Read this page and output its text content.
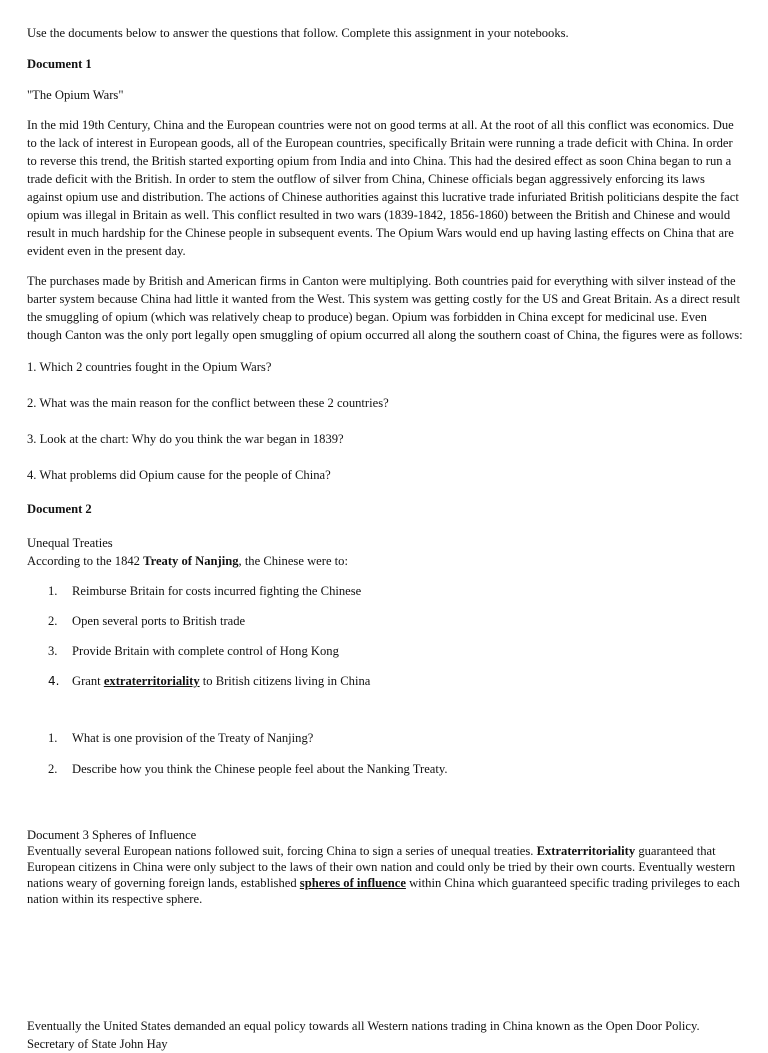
Use the documents below to answer the questions that follow. Complete this assignment in your notebooks.

Document 1

"The Opium Wars"

In the mid 19th Century, China and the European countries were not on good terms at all. At the root of all this conflict was economics. Due to the lack of interest in European goods, all of the European countries, specifically Britain were running a trade deficit with China. In order to reverse this trend, the British started exporting opium from India and into China. This had the desired effect as soon China began to run a trade deficit with the British. In order to stem the outflow of silver from China, Chinese officials began aggressively enforcing its laws against opium use and distribution. The actions of Chinese authorities against this lucrative trade infuriated British politicians despite the fact opium was illegal in Britain as well. This conflict resulted in two wars (1839-1842, 1856-1860) between the British and Chinese and would result in much hardship for the Chinese people in subsequent events. The Opium Wars would end up having lasting effects on China that are evident even in the present day.

The purchases made by British and American firms in Canton were multiplying. Both countries paid for everything with silver instead of the barter system because China had little it wanted from the West. This system was getting costly for the US and Great Britain. As a direct result the smuggling of opium (which was relatively cheap to produce) began. Opium was forbidden in China except for medicinal use. Even though Canton was the only port legally open smuggling of opium occurred all along the southern coast of China, the figures were as follows:

1. Which 2 countries fought in the Opium Wars?

2. What was the main reason for the conflict between these 2 countries?

3. Look at the chart: Why do you think the war began in 1839?

4. What problems did Opium cause for the people of China?

Document 2

Unequal Treaties

According to the 1842 Treaty of Nanjing, the Chinese were to:

1. Reimburse Britain for costs incurred fighting the Chinese
2. Open several ports to British trade
3. Provide Britain with complete control of Hong Kong
4. Grant extraterritoriality to British citizens living in China
1. What is one provision of the Treaty of Nanjing?
2. Describe how you think the Chinese people feel about the Nanking Treaty.

Document 3 Spheres of Influence

Eventually several European nations followed suit, forcing China to sign a series of unequal treaties. Extraterritoriality guaranteed that European citizens in China were only subject to the laws of their own nation and could only be tried by their own courts. Eventually western nations weary of governing foreign lands, established spheres of influence within China which guaranteed specific trading privileges to each nation within its respective sphere.

Eventually the United States demanded an equal policy towards all Western nations trading in China known as the Open Door Policy. Secretary of State John Hay
